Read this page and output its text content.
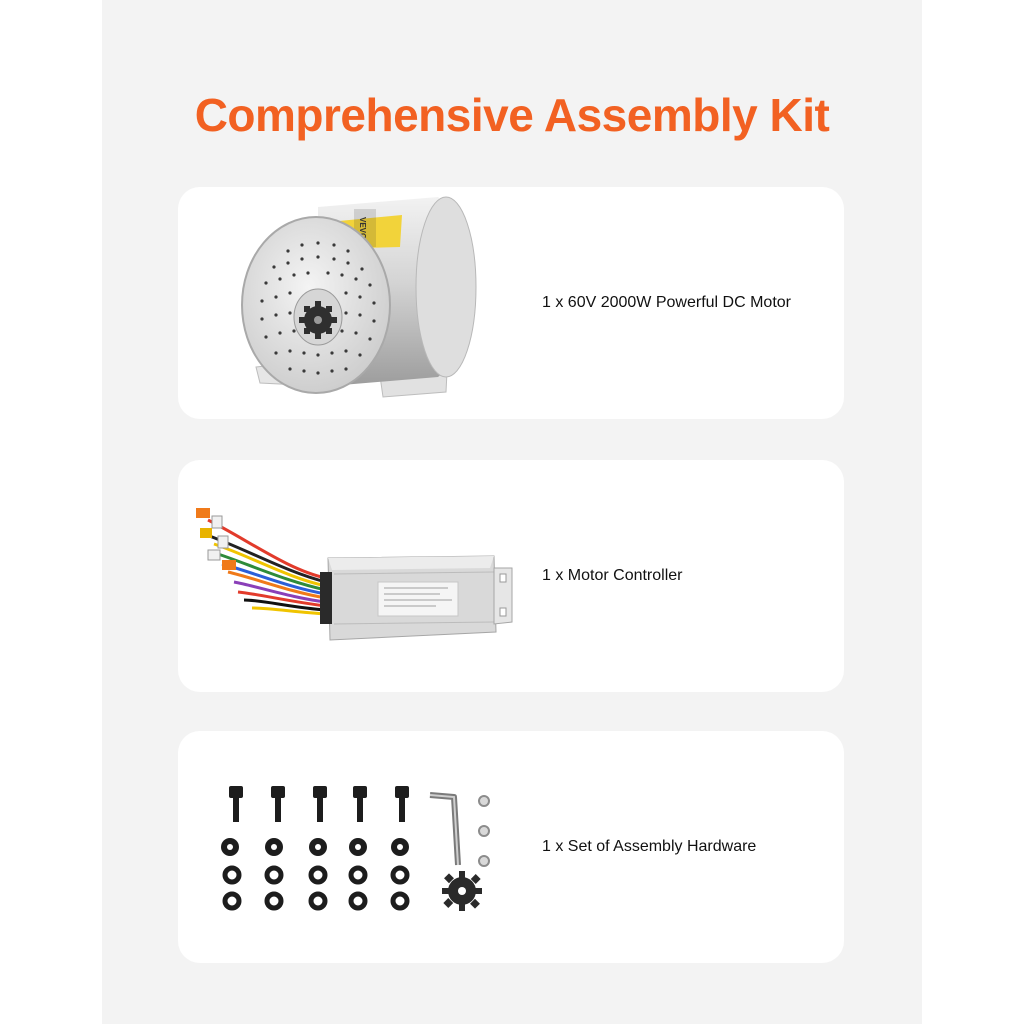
Comprehensive Assembly Kit
VEVOR
1 x 60V 2000W Powerful DC Motor
1 x Motor Controller
1 x Set of Assembly Hardware
